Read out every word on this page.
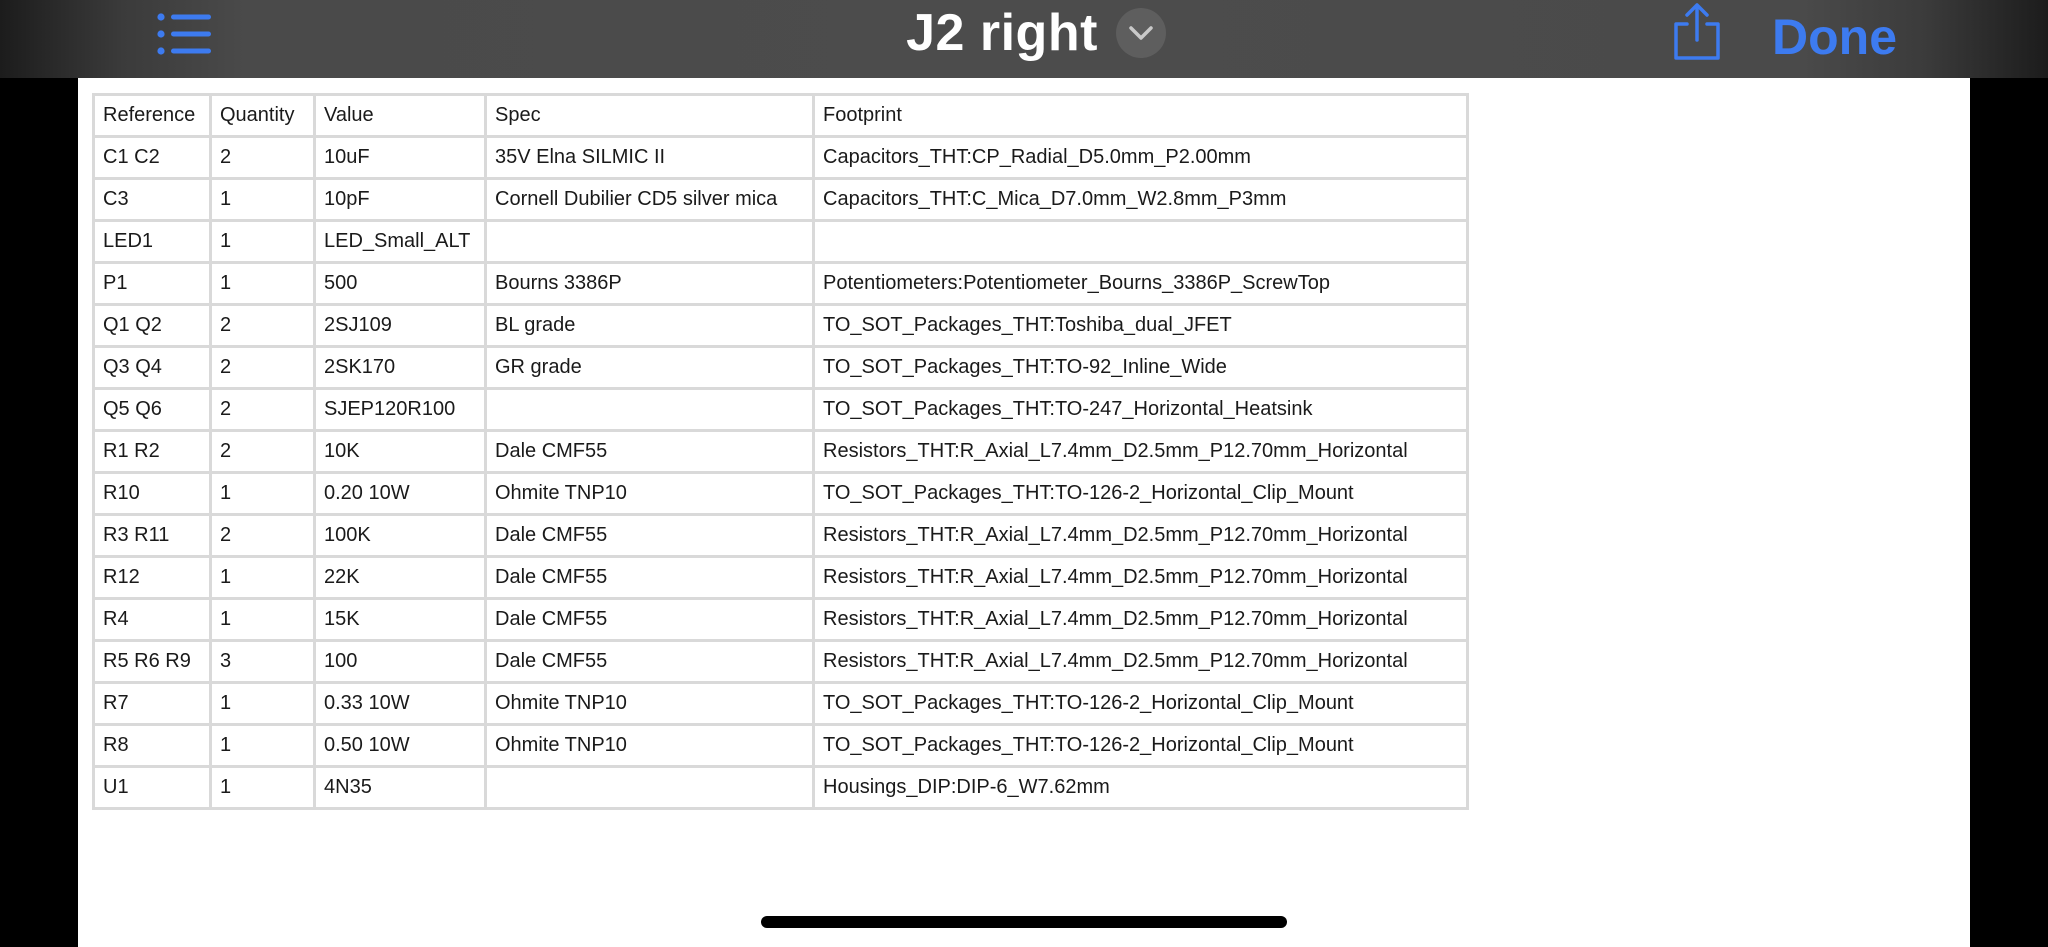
J2 right	Done
Reference	Quantity	Value	Spec	Footprint
C1 C2	2	10uF	35V Elna SILMIC II	Capacitors_THT:CP_Radial_D5.0mm_P2.00mm
C3	1	10pF	Cornell Dubilier CD5 silver mica	Capacitors_THT:C_Mica_D7.0mm_W2.8mm_P3mm
LED1	1	LED_Small_ALT		
P1	1	500	Bourns 3386P	Potentiometers:Potentiometer_Bourns_3386P_ScrewTop
Q1 Q2	2	2SJ109	BL grade	TO_SOT_Packages_THT:Toshiba_dual_JFET
Q3 Q4	2	2SK170	GR grade	TO_SOT_Packages_THT:TO-92_Inline_Wide
Q5 Q6	2	SJEP120R100		TO_SOT_Packages_THT:TO-247_Horizontal_Heatsink
R1 R2	2	10K	Dale CMF55	Resistors_THT:R_Axial_L7.4mm_D2.5mm_P12.70mm_Horizontal
R10	1	0.20 10W	Ohmite TNP10	TO_SOT_Packages_THT:TO-126-2_Horizontal_Clip_Mount
R3 R11	2	100K	Dale CMF55	Resistors_THT:R_Axial_L7.4mm_D2.5mm_P12.70mm_Horizontal
R12	1	22K	Dale CMF55	Resistors_THT:R_Axial_L7.4mm_D2.5mm_P12.70mm_Horizontal
R4	1	15K	Dale CMF55	Resistors_THT:R_Axial_L7.4mm_D2.5mm_P12.70mm_Horizontal
R5 R6 R9	3	100	Dale CMF55	Resistors_THT:R_Axial_L7.4mm_D2.5mm_P12.70mm_Horizontal
R7	1	0.33 10W	Ohmite TNP10	TO_SOT_Packages_THT:TO-126-2_Horizontal_Clip_Mount
R8	1	0.50 10W	Ohmite TNP10	TO_SOT_Packages_THT:TO-126-2_Horizontal_Clip_Mount
U1	1	4N35		Housings_DIP:DIP-6_W7.62mm
